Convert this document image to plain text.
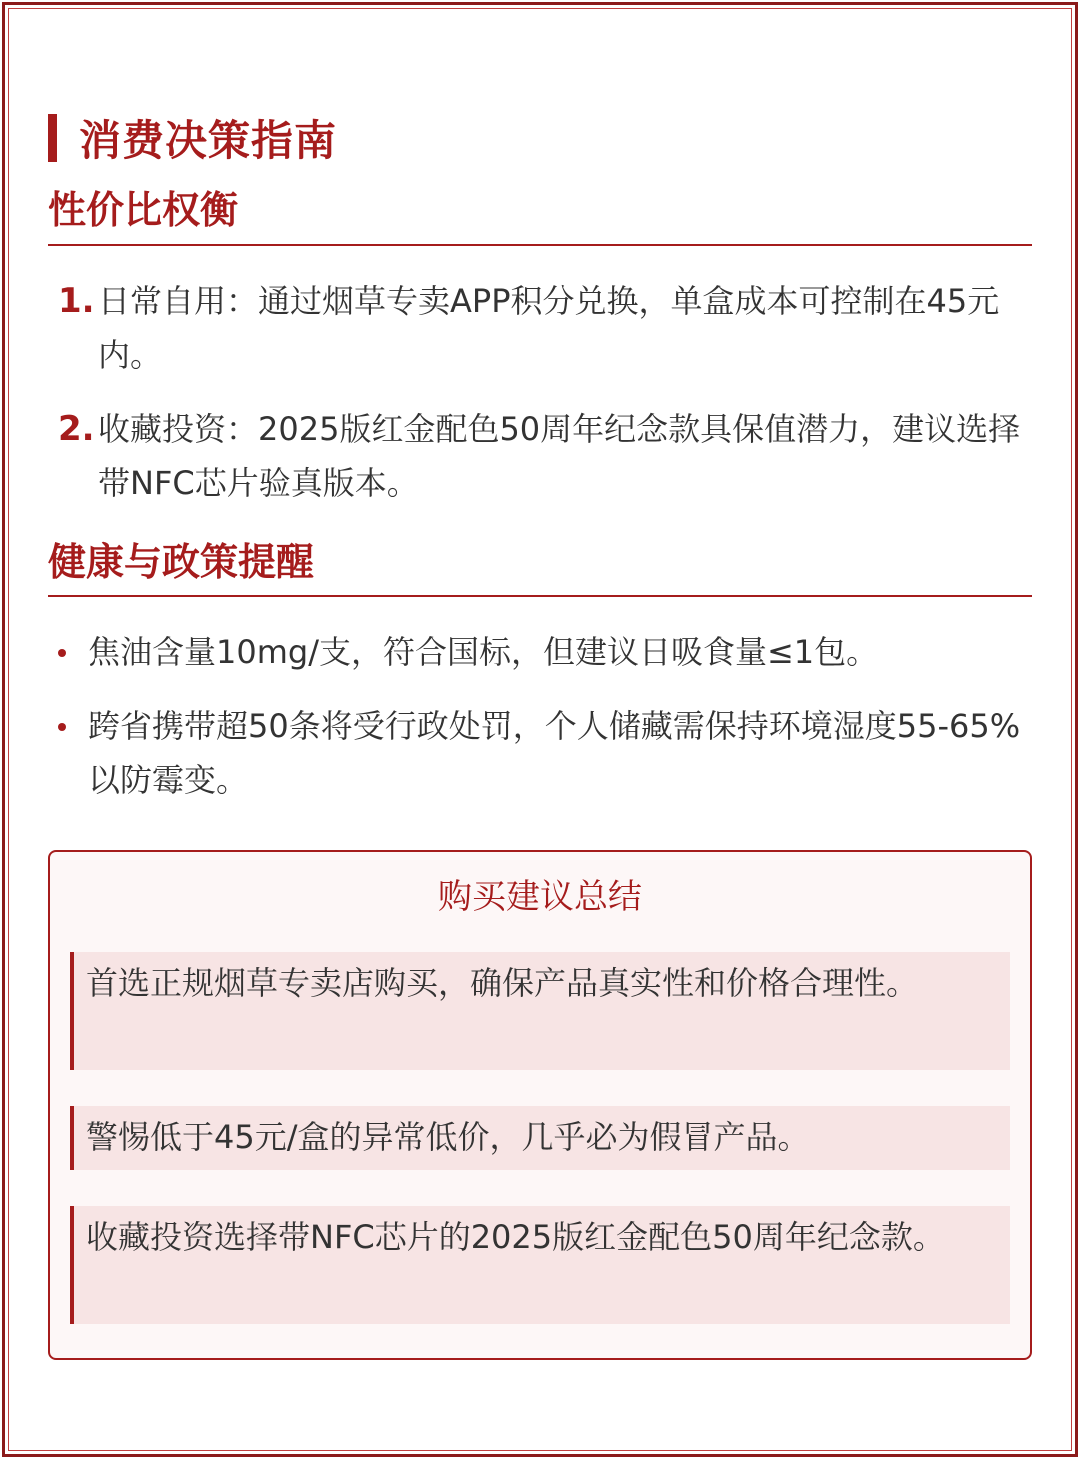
消费决策指南
性价比权衡
1. 日常自用：通过烟草专卖APP积分兑换，单盒成本可控制在45元内。
2. 收藏投资：2025版红金配色50周年纪念款具保值潜力，建议选择带NFC芯片验真版本。
健康与政策提醒
焦油含量10mg/支，符合国标，但建议日吸食量≤1包。
跨省携带超50条将受行政处罚，个人储藏需保持环境湿度55-65%以防霉变。
购买建议总结
首选正规烟草专卖店购买，确保产品真实性和价格合理性。
警惕低于45元/盒的异常低价，几乎必为假冒产品。
收藏投资选择带NFC芯片的2025版红金配色50周年纪念款。
